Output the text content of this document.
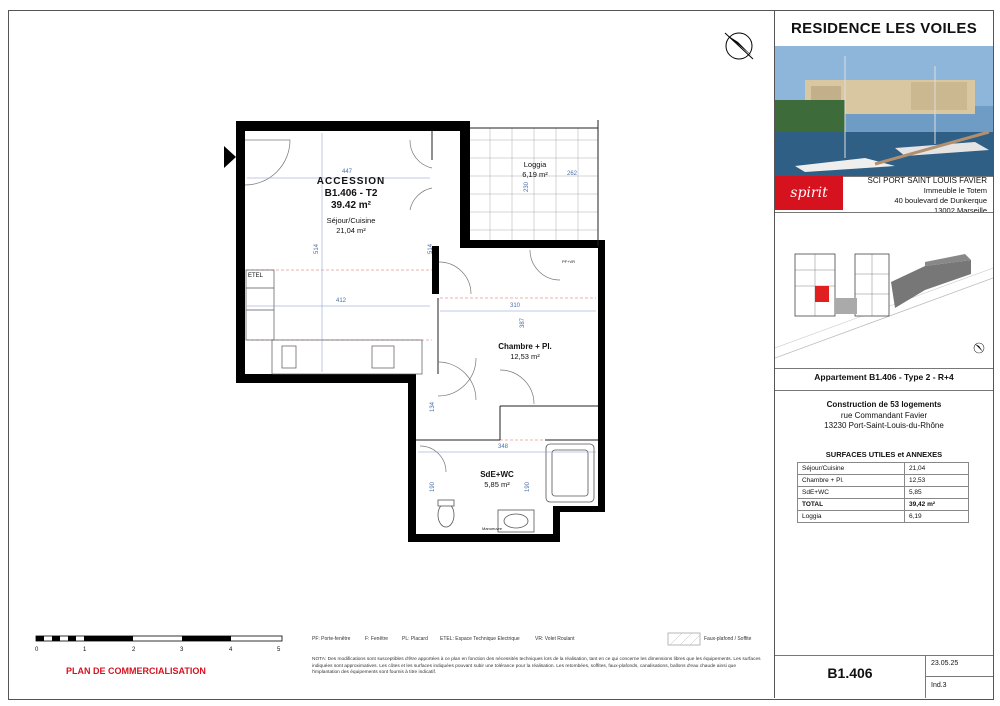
ACCESSION
B1.406 - T2
39.42 m²
Séjour/Cuisine
21,04 m²
Loggia
6,19 m²
Chambre + Pl.
12,53 m²
SdE+WC
5,85 m²
447
514	514
412
310
387
134
348
190	190
230
262
ETEL
PF+VR
Manoeuvre
0	1	2	3	4	5
PLAN DE COMMERCIALISATION
PF: Porte-fenêtre	F: Fenêtre	PL: Placard ETEL: Espace Technique Electrique	VR: Volet Roulant	Faux-plafond / Soffite
NOTA: Des modifications sont susceptibles d'être apportées à ce plan en fonction des nécessités techniques lors de la réalisation, tant en ce qui concerne les dimensions libres que les équipements. Les surfaces indiquées sont approximatives. Les côtes et les surfaces indiquées pouvant subir une tolérance pour la réalisation. Les retombées, soffites, faux-plafonds, canalisations, ballons d'eau chaude ainsi que l'implantation des équipements sont fournis à titre indicatif.
RESIDENCE LES VOILES
spirit
SCI PORT SAINT LOUIS FAVIER
Immeuble le Totem
40 boulevard de Dunkerque
13002 Marseille
Appartement B1.406 - Type 2 - R+4
Construction de 53 logements
rue Commandant Favier
13230 Port-Saint-Louis-du-Rhône
SURFACES UTILES et ANNEXES
Séjour/Cuisine	21,04
Chambre + Pl.	12,53
SdE+WC	5,85
TOTAL	39,42 m²
Loggia	6,19
B1.406
23.05.25
Ind.3
